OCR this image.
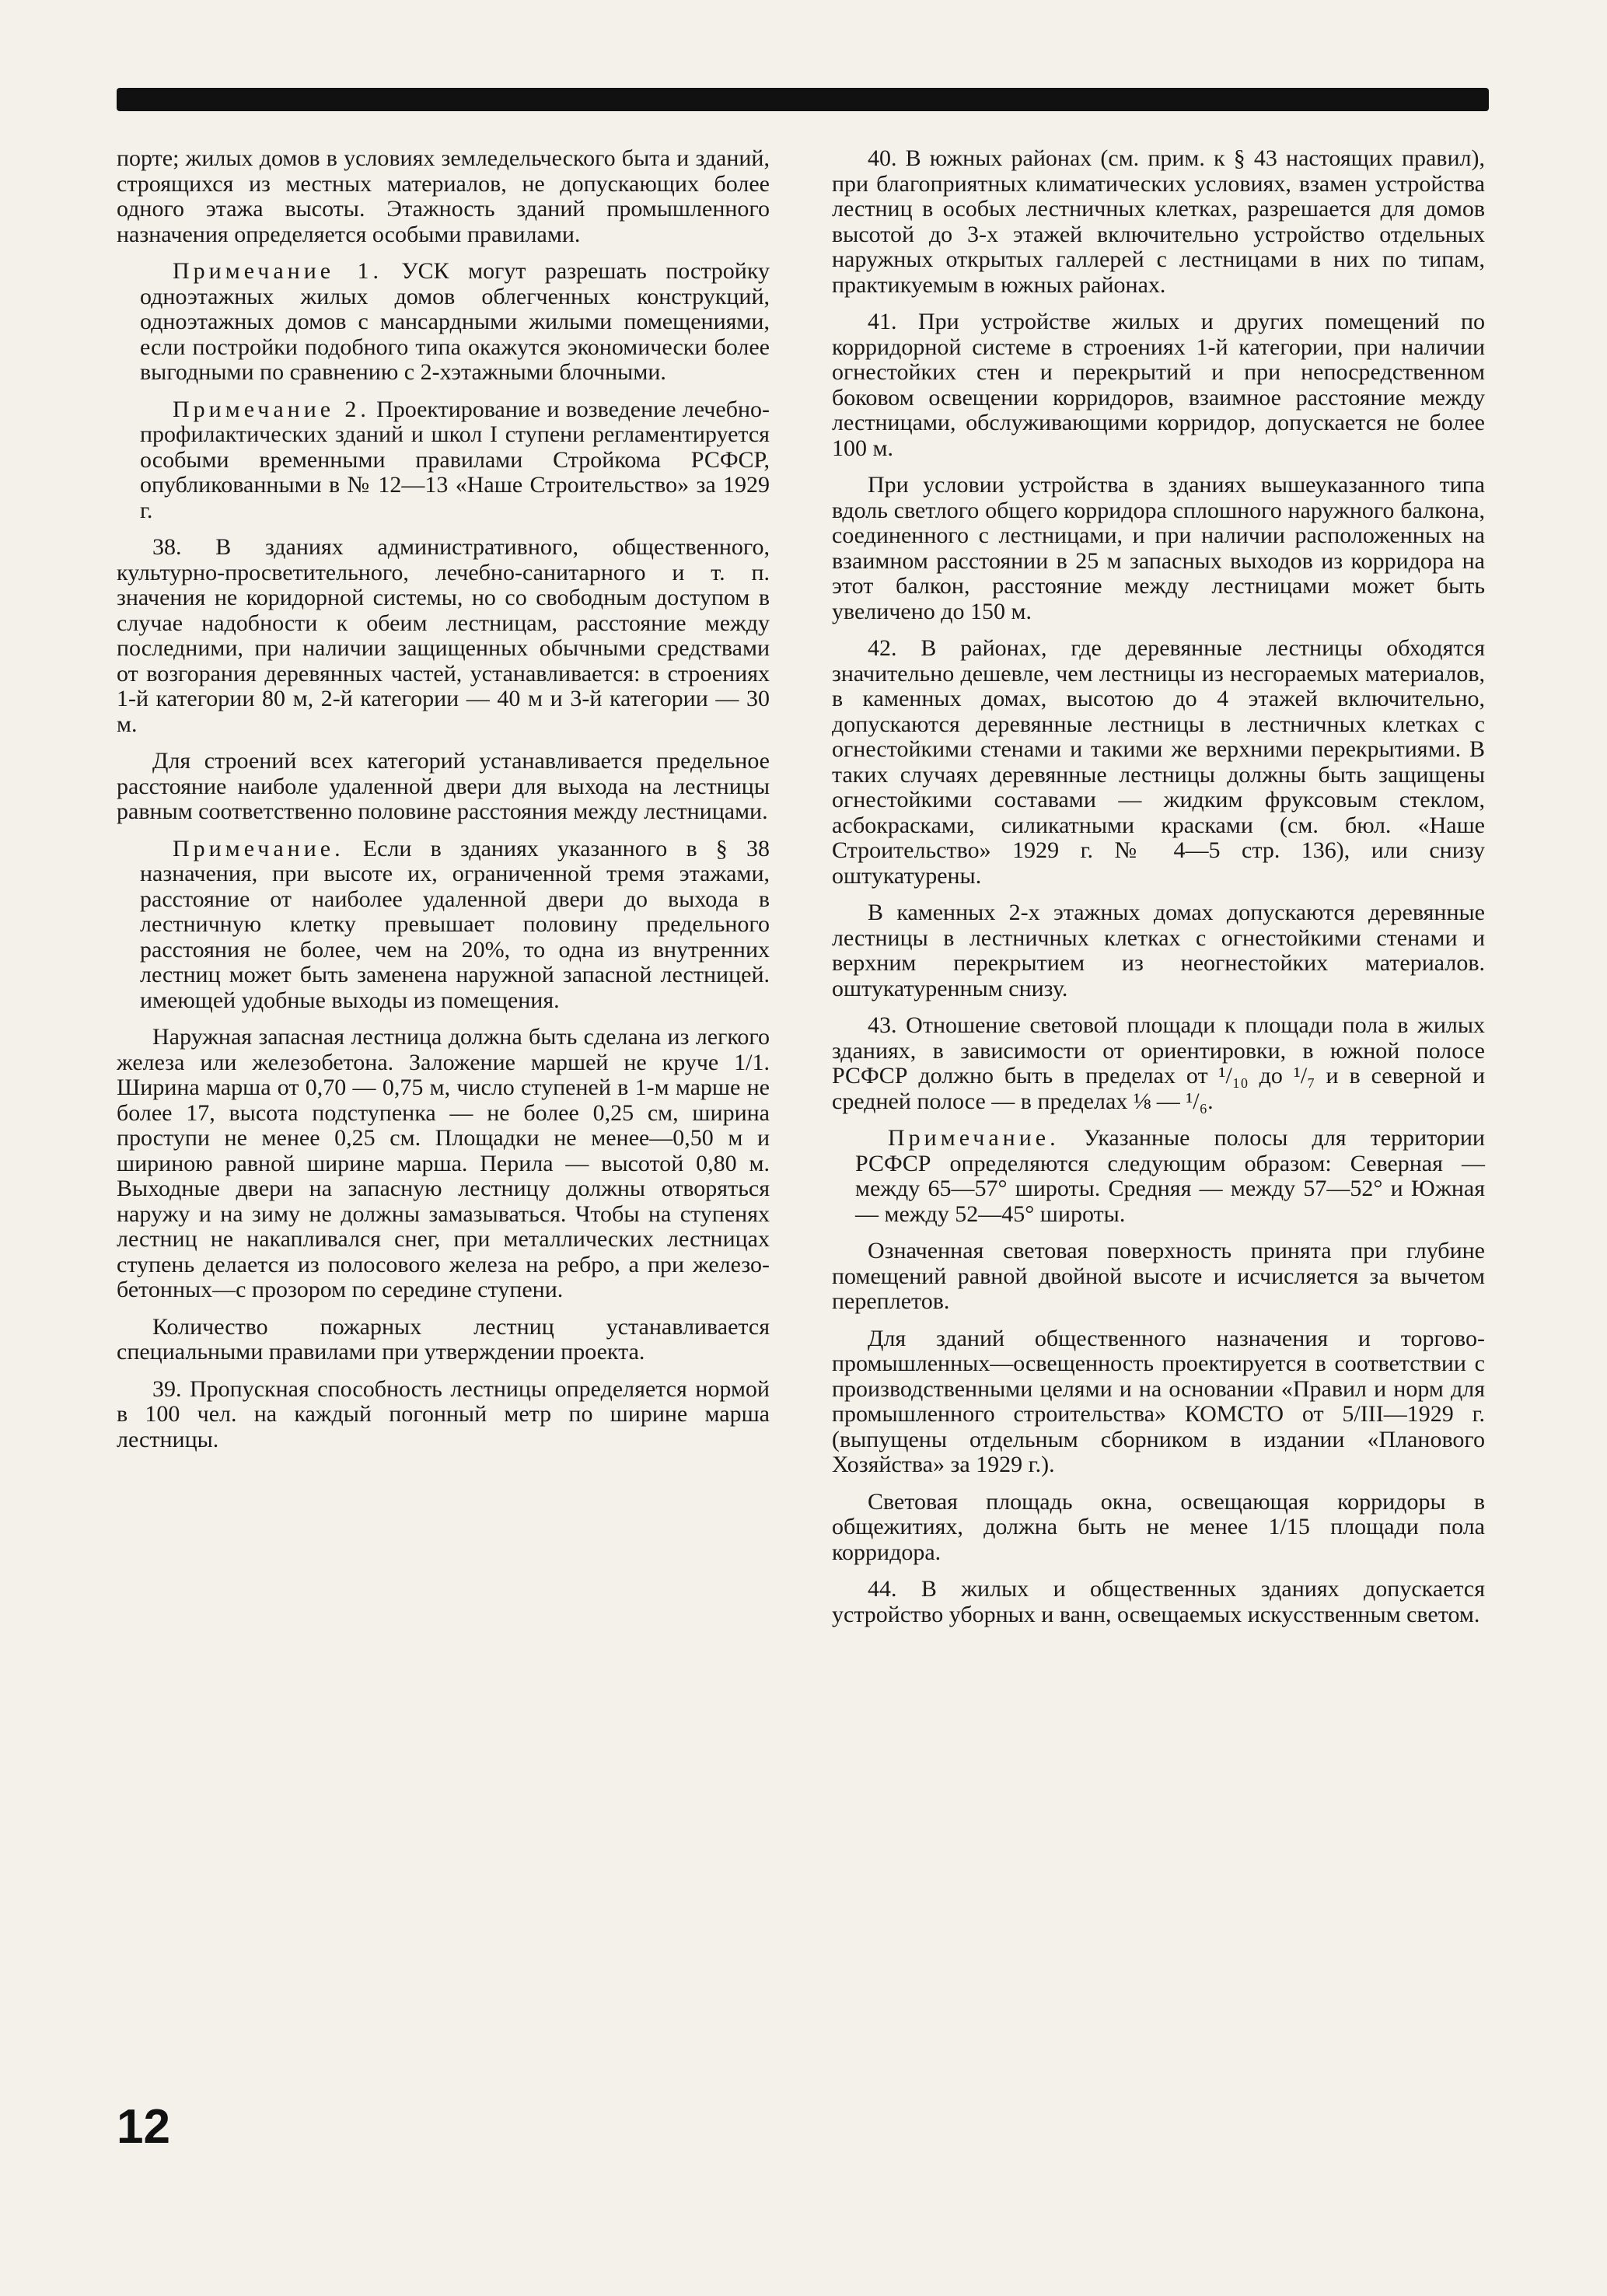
порте; жилых домов в условиях земледельческого быта и зданий, строящихся из местных материалов, не допускающих более одного этажа высоты. Этажность зданий промышленного назначения определяется особыми правилами.

Примечание 1. УСК могут разрешать постройку одноэтажных жилых домов облегченных конструкций, одноэтажных домов с мансардными жилыми помещениями, если постройки подобного типа окажутся экономически более выгодными по сравнению с 2-хэтажными блочными.

Примечание 2. Проектирование и возведение лечебно-профилактических зданий и школ I ступени регламентируется особыми временными правилами Стройкома РСФСР, опубликованными в № 12—13 «Наше Строительство» за 1929 г.

38. В зданиях административного, общественного, культурно-просветительного, лечебно-санитарного и т. п. значения не коридорной системы, но со свободным доступом в случае надобности к обеим лестницам, расстояние между последними, при наличии защищенных обычными средствами от возгорания деревянных частей, устанавливается: в строениях 1-й категории 80 м, 2-й категории — 40 м и 3-й категории — 30 м.

Для строений всех категорий устанавливается предельное расстояние наиболе удаленной двери для выхода на лестницы равным соответственно половине расстояния между лестницами.

Примечание. Если в зданиях указанного в § 38 назначения, при высоте их, ограниченной тремя этажами, расстояние от наиболее удаленной двери до выхода в лестничную клетку превышает половину предельного расстояния не более, чем на 20%, то одна из внутренних лестниц может быть заменена наружной запасной лестницей. имеющей удобные выходы из помещения.

Наружная запасная лестница должна быть сделана из легкого железа или железобетона. Заложение маршей не круче 1/1. Ширина марша от 0,70 — 0,75 м, число ступеней в 1-м марше не более 17, высота подступенка — не более 0,25 см, ширина проступи не менее 0,25 см. Площадки не менее—0,50 м и шириною равной ширине марша. Перила — высотой 0,80 м. Выходные двери на запасную лестницу должны отворяться наружу и на зиму не должны замазываться. Чтобы на ступенях лестниц не накапливался снег, при металлических лестницах ступень делается из полосового железа на ребро, а при железо-бетонных—с прозором по середине ступени.

Количество пожарных лестниц устанавливается специальными правилами при утверждении проекта.

39. Пропускная способность лестницы определяется нормой в 100 чел. на каждый погонный метр по ширине марша лестницы.

40. В южных районах (см. прим. к § 43 настоящих правил), при благоприятных климатических условиях, взамен устройства лестниц в особых лестничных клетках, разрешается для домов высотой до 3-х этажей включительно устройство отдельных наружных открытых галлерей с лестницами в них по типам, практикуемым в южных районах.

41. При устройстве жилых и других помещений по корридорной системе в строениях 1-й категории, при наличии огнестойких стен и перекрытий и при непосредственном боковом освещении корридоров, взаимное расстояние между лестницами, обслуживающими корридор, допускается не более 100 м.

При условии устройства в зданиях вышеуказанного типа вдоль светлого общего корридора сплошного наружного балкона, соединенного с лестницами, и при наличии расположенных на взаимном расстоянии в 25 м запасных выходов из корридора на этот балкон, расстояние между лестницами может быть увеличено до 150 м.

42. В районах, где деревянные лестницы обходятся значительно дешевле, чем лестницы из несгораемых материалов, в каменных домах, высотою до 4 этажей включительно, допускаются деревянные лестницы в лестничных клетках с огнестойкими стенами и такими же верхними перекрытиями. В таких случаях деревянные лестницы должны быть защищены огнестойкими составами — жидким фруксовым стеклом, асбокрасками, силикатными красками (см. бюл. «Наше Строительство» 1929 г. № 4—5 стр. 136), или снизу оштукатурены.

В каменных 2-х этажных домах допускаются деревянные лестницы в лестничных клетках с огнестойкими стенами и верхним перекрытием из неогнестойких материалов. оштукатуренным снизу.

43. Отношение световой площади к площади пола в жилых зданиях, в зависимости от ориентировки, в южной полосе РСФСР должно быть в пределах от ¹/₁₀ до ¹/₇ и в северной и средней полосе — в пределах ⅛ — ¹/₆.

Примечание. Указанные полосы для территории РСФСР определяются следующим образом: Северная — между 65—57° широты. Средняя — между 57—52° и Южная — между 52—45° широты.

Означенная световая поверхность принята при глубине помещений равной двойной высоте и исчисляется за вычетом переплетов.

Для зданий общественного назначения и торгово-промышленных—освещенность проектируется в соответствии с производственными целями и на основании «Правил и норм для промышленного строительства» КОМСТО от 5/III—1929 г. (выпущены отдельным сборником в издании «Планового Хозяйства» за 1929 г.).

Световая площадь окна, освещающая корридоры в общежитиях, должна быть не менее 1/15 площади пола корридора.

44. В жилых и общественных зданиях допускается устройство уборных и ванн, освещаемых искусственным светом.

12
